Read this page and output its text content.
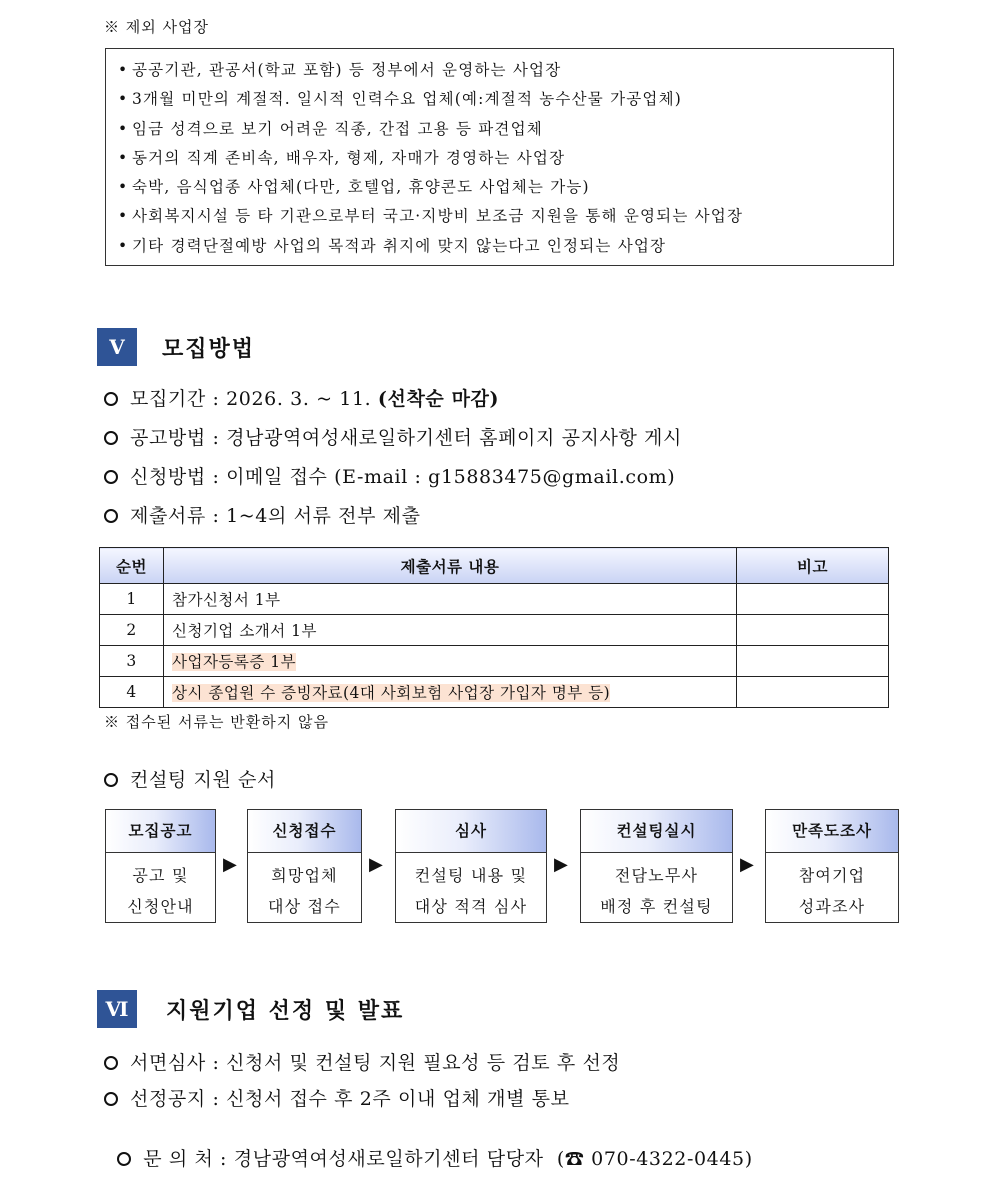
※ 제외 사업장
• 공공기관, 관공서(학교 포함) 등 정부에서 운영하는 사업장
• 3개월 미만의 계절적. 일시적 인력수요 업체(예:계절적 농수산물 가공업체)
• 임금 성격으로 보기 어려운 직종, 간접 고용 등 파견업체
• 동거의 직계 존비속, 배우자, 형제, 자매가 경영하는 사업장
• 숙박, 음식업종 사업체(다만, 호텔업, 휴양콘도 사업체는 가능)
• 사회복지시설 등 타 기관으로부터 국고·지방비 보조금 지원을 통해 운영되는 사업장
• 기타 경력단절예방 사업의 목적과 취지에 맞지 않는다고 인정되는 사업장
Ⅴ	모집방법
모집기간 : 2026. 3. ~ 11. (선착순 마감)
공고방법 : 경남광역여성새로일하기센터 홈페이지 공지사항 게시
신청방법 : 이메일 접수 (E-mail : g15883475@gmail.com)
제출서류 : 1~4의 서류 전부 제출
순번	제출서류 내용	비고
1	참가신청서 1부	
2	신청기업 소개서 1부	
3	사업자등록증 1부	
4	상시 종업원 수 증빙자료(4대 사회보험 사업장 가입자 명부 등)	
※ 접수된 서류는 반환하지 않음
컨설팅 지원 순서
모집공고
공고 및
신청안내
▶
신청접수
희망업체
대상 접수
▶
심사
컨설팅 내용 및
대상 적격 심사
▶
컨설팅실시
전담노무사
배정 후 컨설팅
▶
만족도조사
참여기업
성과조사
Ⅵ	지원기업 선정 및 발표
서면심사 : 신청서 및 컨설팅 지원 필요성 등 검토 후 선정
선정공지 : 신청서 접수 후 2주 이내 업체 개별 통보

문 의 처 : 경남광역여성새로일하기센터 담당자  (☎ 070-4322-0445)
